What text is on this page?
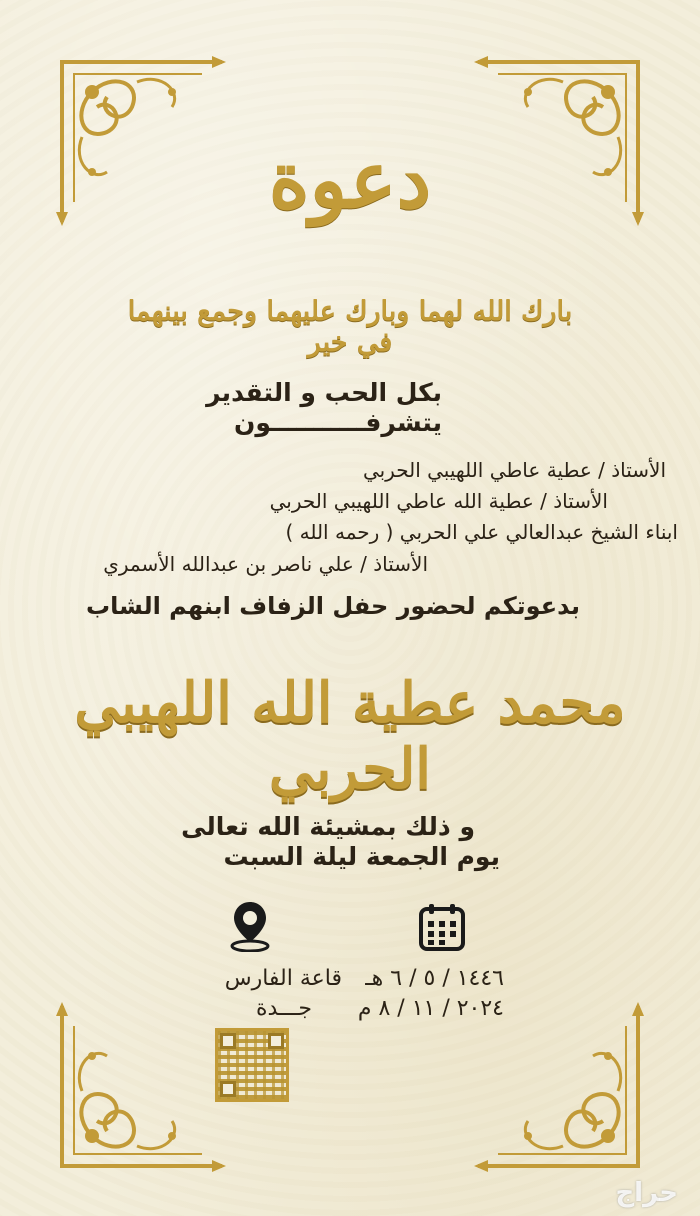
دعوة
بارك الله لهما وبارك عليهما وجمع بينهما في خير
بكل الحب و التقدير
يتشرفـــــــــــون
الأستاذ / عطية عاطي اللهيبي الحربي
الأستاذ / عطية الله عاطي اللهيبي الحربي
ابناء الشيخ عبدالعالي علي الحربي ( رحمه الله )
الأستاذ / علي ناصر بن عبدالله الأسمري
بدعوتكم لحضور حفل الزفاف ابنهم الشاب
محمد عطية الله اللهيبي الحربي
و ذلك بمشيئة الله تعالى
يوم الجمعة ليلة السبت
قاعة الفارس
جـــدة
١٤٤٦ / ٥ / ٦ هـ
٢٠٢٤ / ١١ / ٨ م
حراج
